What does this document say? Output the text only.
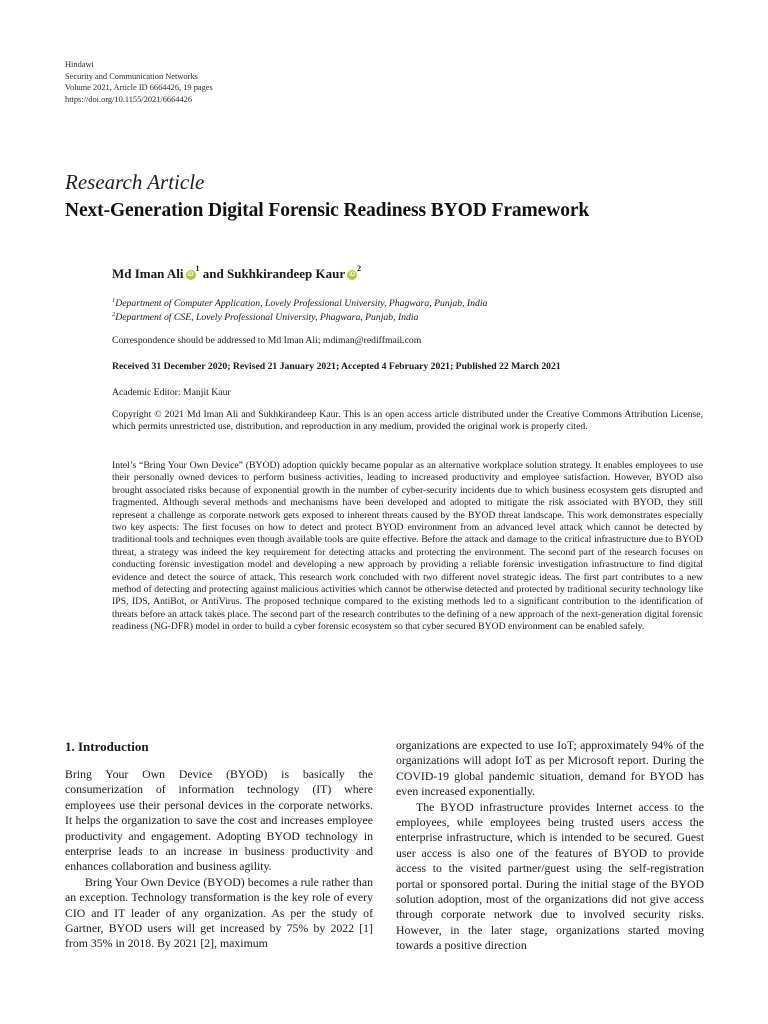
Hindawi
Security and Communication Networks
Volume 2021, Article ID 6664426, 19 pages
https://doi.org/10.1155/2021/6664426
Research Article
Next-Generation Digital Forensic Readiness BYOD Framework
Md Iman Ali $iD^1$ and Sukhkirandeep Kaur $iD^2$
$^1$Department of Computer Application, Lovely Professional University, Phagwara, Punjab, India
$^2$Department of CSE, Lovely Professional University, Phagwara, Punjab, India
Correspondence should be addressed to Md Iman Ali; mdiman@rediffmail.com
Received 31 December 2020; Revised 21 January 2021; Accepted 4 February 2021; Published 22 March 2021
Academic Editor: Manjit Kaur
Copyright © 2021 Md Iman Ali and Sukhkirandeep Kaur. This is an open access article distributed under the Creative Commons Attribution License, which permits unrestricted use, distribution, and reproduction in any medium, provided the original work is properly cited.
Intel’s “Bring Your Own Device” (BYOD) adoption quickly became popular as an alternative workplace solution strategy. It enables employees to use their personally owned devices to perform business activities, leading to increased productivity and employee satisfaction. However, BYOD also brought associated risks because of exponential growth in the number of cyber-security incidents due to which business ecosystem gets disrupted and fragmented. Although several methods and mechanisms have been developed and adopted to mitigate the risk associated with BYOD, they still represent a challenge as corporate network gets exposed to inherent threats caused by the BYOD threat landscape. This work demonstrates especially two key aspects: The first focuses on how to detect and protect BYOD environment from an advanced level attack which cannot be detected by traditional tools and techniques even though available tools are quite effective. Before the attack and damage to the critical infrastructure due to BYOD threat, a strategy was indeed the key requirement for detecting attacks and protecting the environment. The second part of the research focuses on conducting forensic investigation model and developing a new approach by providing a reliable forensic investigation infrastructure to find digital evidence and detect the source of attack. This research work concluded with two different novel strategic ideas. The first part contributes to a new method of detecting and protecting against malicious activities which cannot be otherwise detected and protected by traditional security technology like IPS, IDS, AntiBot, or AntiVirus. The proposed technique compared to the existing methods led to a significant contribution to the identification of threats before an attack takes place. The second part of the research contributes to the defining of a new approach of the next-generation digital forensic readiness (NG-DFR) model in order to build a cyber forensic ecosystem so that cyber secured BYOD environment can be enabled safely.
1. Introduction

Bring Your Own Device (BYOD) is basically the consumerization of information technology (IT) where employees use their personal devices in the corporate networks. It helps the organization to save the cost and increases employee productivity and engagement. Adopting BYOD technology in enterprise leads to an increase in business productivity and enhances collaboration and business agility.

Bring Your Own Device (BYOD) becomes a rule rather than an exception. Technology transformation is the key role of every CIO and IT leader of any organization. As per the study of Gartner, BYOD users will get increased by 75% by 2022 [1] from 35% in 2018. By 2021 [2], maximum

organizations are expected to use IoT; approximately 94% of the organizations will adopt IoT as per Microsoft report. During the COVID-19 global pandemic situation, demand for BYOD has even increased exponentially.

The BYOD infrastructure provides Internet access to the employees, while employees being trusted users access the enterprise infrastructure, which is intended to be secured. Guest user access is also one of the features of BYOD to provide access to the visited partner/guest using the self-registration portal or sponsored portal. During the initial stage of the BYOD solution adoption, most of the organizations did not give access through corporate network due to involved security risks. However, in the later stage, organizations started moving towards a positive direction
